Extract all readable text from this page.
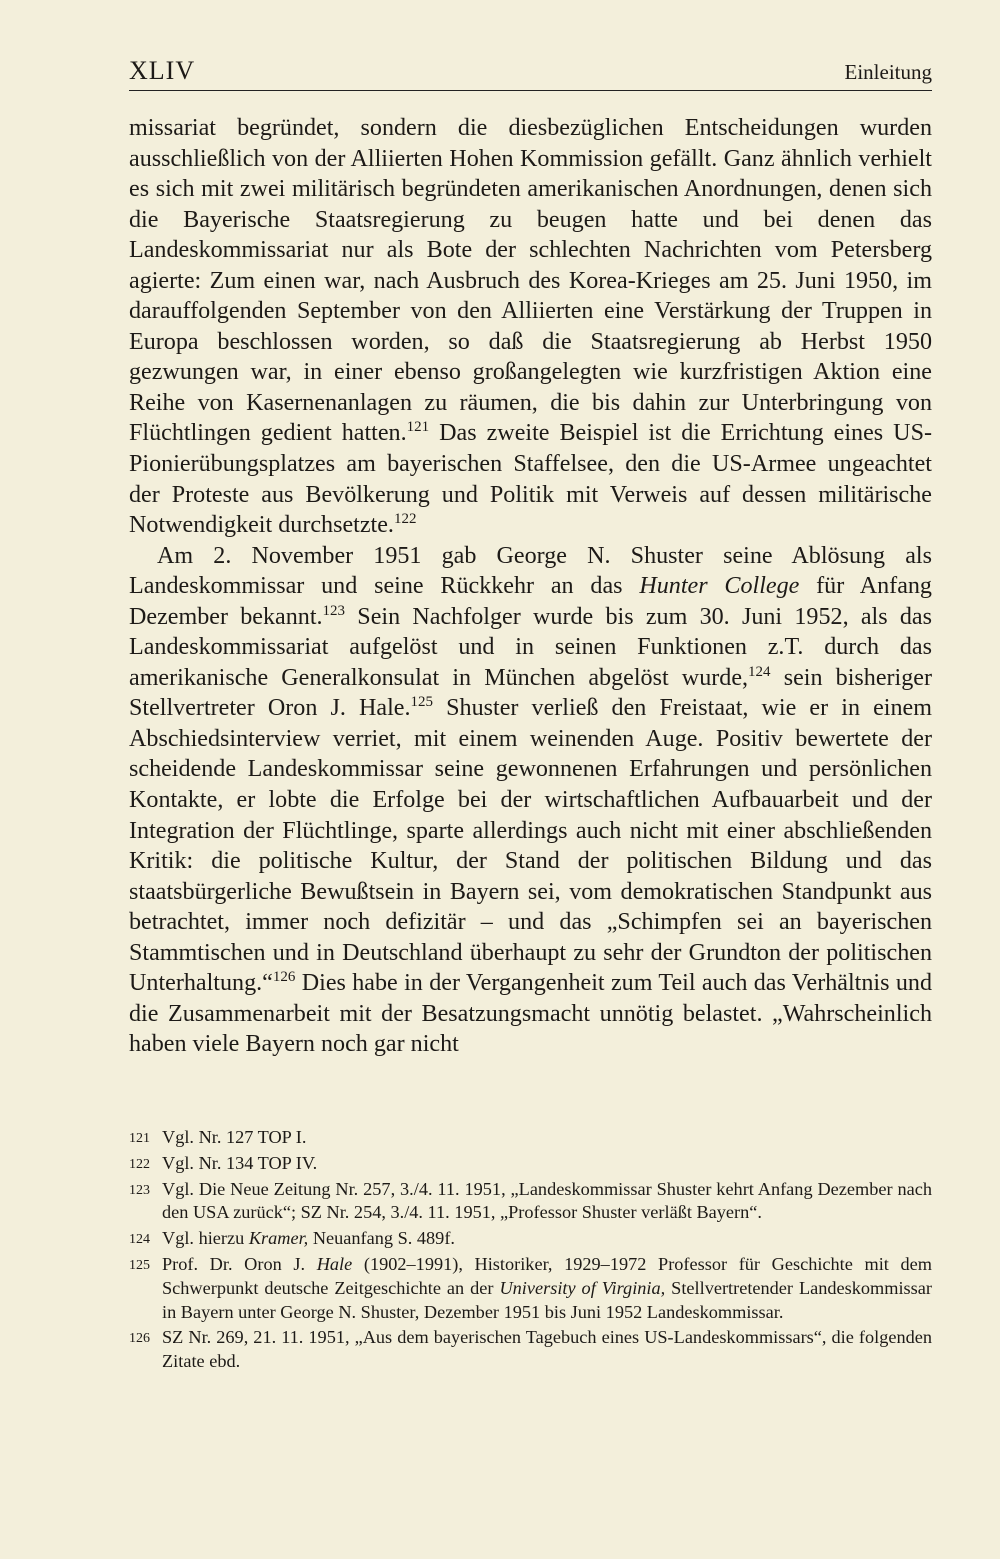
XLIV	Einleitung

missariat begründet, sondern die diesbezüglichen Entscheidungen wurden ausschließlich von der Alliierten Hohen Kommission gefällt. Ganz ähnlich verhielt es sich mit zwei militärisch begründeten amerikanischen Anordnungen, denen sich die Bayerische Staatsregierung zu beugen hatte und bei denen das Landeskommissariat nur als Bote der schlechten Nachrichten vom Petersberg agierte: Zum einen war, nach Ausbruch des Korea-Krieges am 25. Juni 1950, im darauffolgenden September von den Alliierten eine Verstärkung der Truppen in Europa beschlossen worden, so daß die Staatsregierung ab Herbst 1950 gezwungen war, in einer ebenso großangelegten wie kurzfristigen Aktion eine Reihe von Kasernenanlagen zu räumen, die bis dahin zur Unterbringung von Flüchtlingen gedient hatten.$^{121}$ Das zweite Beispiel ist die Errichtung eines US-Pionierübungsplatzes am bayerischen Staffelsee, den die US-Armee ungeachtet der Proteste aus Bevölkerung und Politik mit Verweis auf dessen militärische Notwendigkeit durchsetzte.$^{122}$

Am 2. November 1951 gab George N. Shuster seine Ablösung als Landeskommissar und seine Rückkehr an das Hunter College für Anfang Dezember bekannt.$^{123}$ Sein Nachfolger wurde bis zum 30. Juni 1952, als das Landeskommissariat aufgelöst und in seinen Funktionen z.T. durch das amerikanische Generalkonsulat in München abgelöst wurde,$^{124}$ sein bisheriger Stellvertreter Oron J. Hale.$^{125}$ Shuster verließ den Freistaat, wie er in einem Abschiedsinterview verriet, mit einem weinenden Auge. Positiv bewertete der scheidende Landeskommissar seine gewonnenen Erfahrungen und persönlichen Kontakte, er lobte die Erfolge bei der wirtschaftlichen Aufbauarbeit und der Integration der Flüchtlinge, sparte allerdings auch nicht mit einer abschließenden Kritik: die politische Kultur, der Stand der politischen Bildung und das staatsbürgerliche Bewußtsein in Bayern sei, vom demokratischen Standpunkt aus betrachtet, immer noch defizitär – und das „Schimpfen sei an bayerischen Stammtischen und in Deutschland überhaupt zu sehr der Grundton der politischen Unterhaltung.“$^{126}$ Dies habe in der Vergangenheit zum Teil auch das Verhältnis und die Zusammenarbeit mit der Besatzungsmacht unnötig belastet. „Wahrscheinlich haben viele Bayern noch gar nicht

121 Vgl. Nr. 127 TOP I.
122 Vgl. Nr. 134 TOP IV.
123 Vgl. Die Neue Zeitung Nr. 257, 3./4. 11. 1951, „Landeskommissar Shuster kehrt Anfang Dezember nach den USA zurück“; SZ Nr. 254, 3./4. 11. 1951, „Professor Shuster verläßt Bayern“.
124 Vgl. hierzu Kramer, Neuanfang S. 489f.
125 Prof. Dr. Oron J. Hale (1902–1991), Historiker, 1929–1972 Professor für Geschichte mit dem Schwerpunkt deutsche Zeitgeschichte an der University of Virginia, Stellvertretender Landeskommissar in Bayern unter George N. Shuster, Dezember 1951 bis Juni 1952 Landeskommissar.
126 SZ Nr. 269, 21. 11. 1951, „Aus dem bayerischen Tagebuch eines US-Landeskommissars“, die folgenden Zitate ebd.
